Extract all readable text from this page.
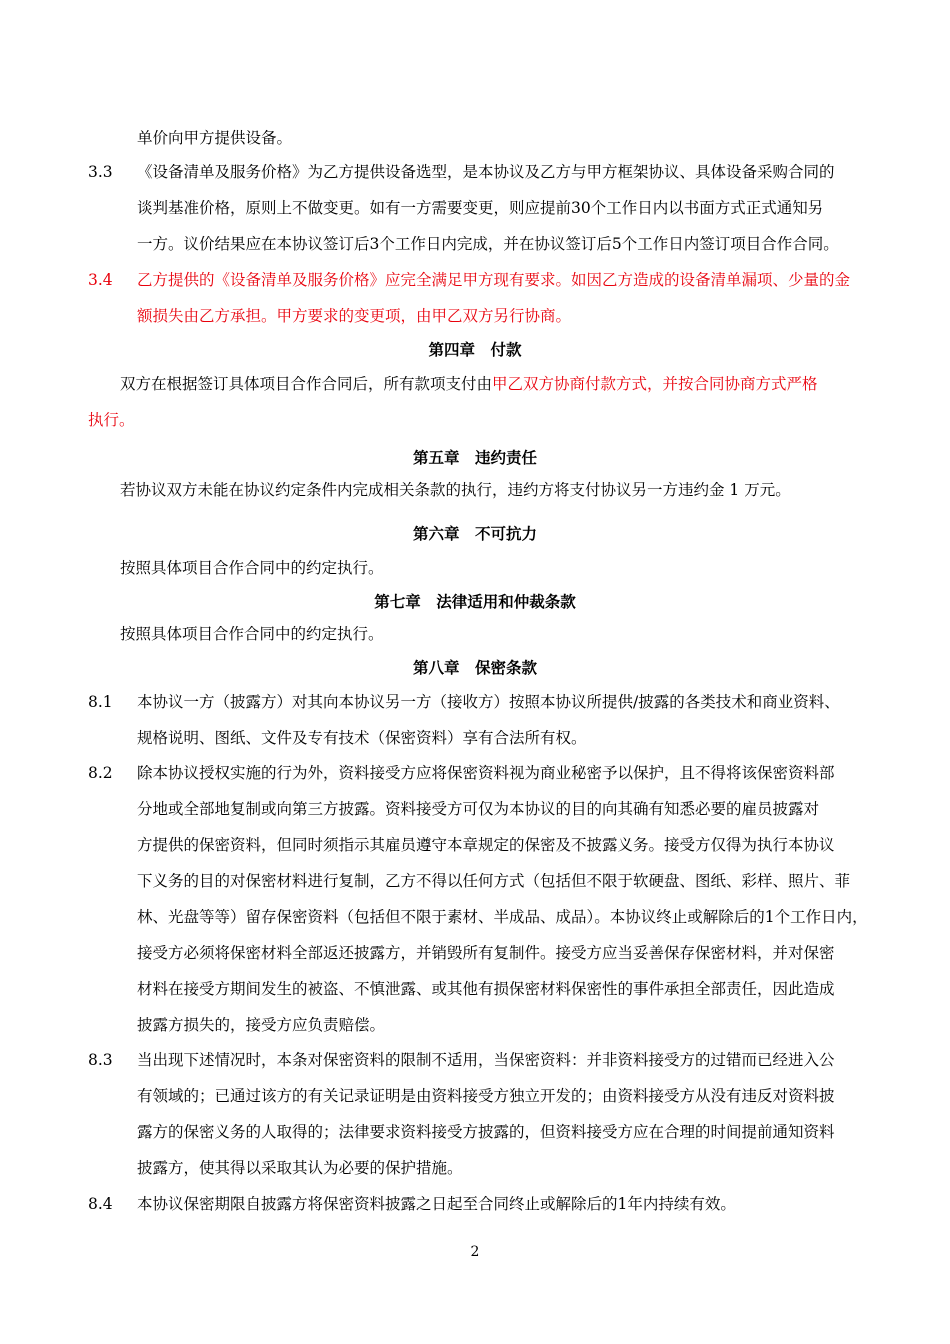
单价向甲方提供设备。
3.3 《设备清单及服务价格》为乙方提供设备选型，是本协议及乙方与甲方框架协议、具体设备采购合同的
谈判基准价格，原则上不做变更。如有一方需要变更，则应提前30个工作日内以书面方式正式通知另
一方。议价结果应在本协议签订后3个工作日内完成，并在协议签订后5个工作日内签订项目合作合同。
3.4 乙方提供的《设备清单及服务价格》应完全满足甲方现有要求。如因乙方造成的设备清单漏项、少量的金
额损失由乙方承担。甲方要求的变更项，由甲乙双方另行协商。
第四章　付款
双方在根据签订具体项目合作合同后，所有款项支付由甲乙双方协商付款方式，并按合同协商方式严格
执行。
第五章　违约责任
若协议双方未能在协议约定条件内完成相关条款的执行，违约方将支付协议另一方违约金 1 万元。
第六章　不可抗力
按照具体项目合作合同中的约定执行。
第七章　法律适用和仲裁条款
按照具体项目合作合同中的约定执行。
第八章　保密条款
8.1 本协议一方（披露方）对其向本协议另一方（接收方）按照本协议所提供/披露的各类技术和商业资料、
规格说明、图纸、文件及专有技术（保密资料）享有合法所有权。
8.2 除本协议授权实施的行为外，资料接受方应将保密资料视为商业秘密予以保护，且不得将该保密资料部
分地或全部地复制或向第三方披露。资料接受方可仅为本协议的目的向其确有知悉必要的雇员披露对
方提供的保密资料，但同时须指示其雇员遵守本章规定的保密及不披露义务。接受方仅得为执行本协议
下义务的目的对保密材料进行复制，乙方不得以任何方式（包括但不限于软硬盘、图纸、彩样、照片、菲
林、光盘等等）留存保密资料（包括但不限于素材、半成品、成品）。本协议终止或解除后的1个工作日内，
接受方必须将保密材料全部返还披露方，并销毁所有复制件。接受方应当妥善保存保密材料，并对保密
材料在接受方期间发生的被盗、不慎泄露、或其他有损保密材料保密性的事件承担全部责任，因此造成
披露方损失的，接受方应负责赔偿。
8.3 当出现下述情况时，本条对保密资料的限制不适用，当保密资料：并非资料接受方的过错而已经进入公
有领域的；已通过该方的有关记录证明是由资料接受方独立开发的；由资料接受方从没有违反对资料披
露方的保密义务的人取得的；法律要求资料接受方披露的，但资料接受方应在合理的时间提前通知资料
披露方，使其得以采取其认为必要的保护措施。
8.4 本协议保密期限自披露方将保密资料披露之日起至合同终止或解除后的1年内持续有效。
2
